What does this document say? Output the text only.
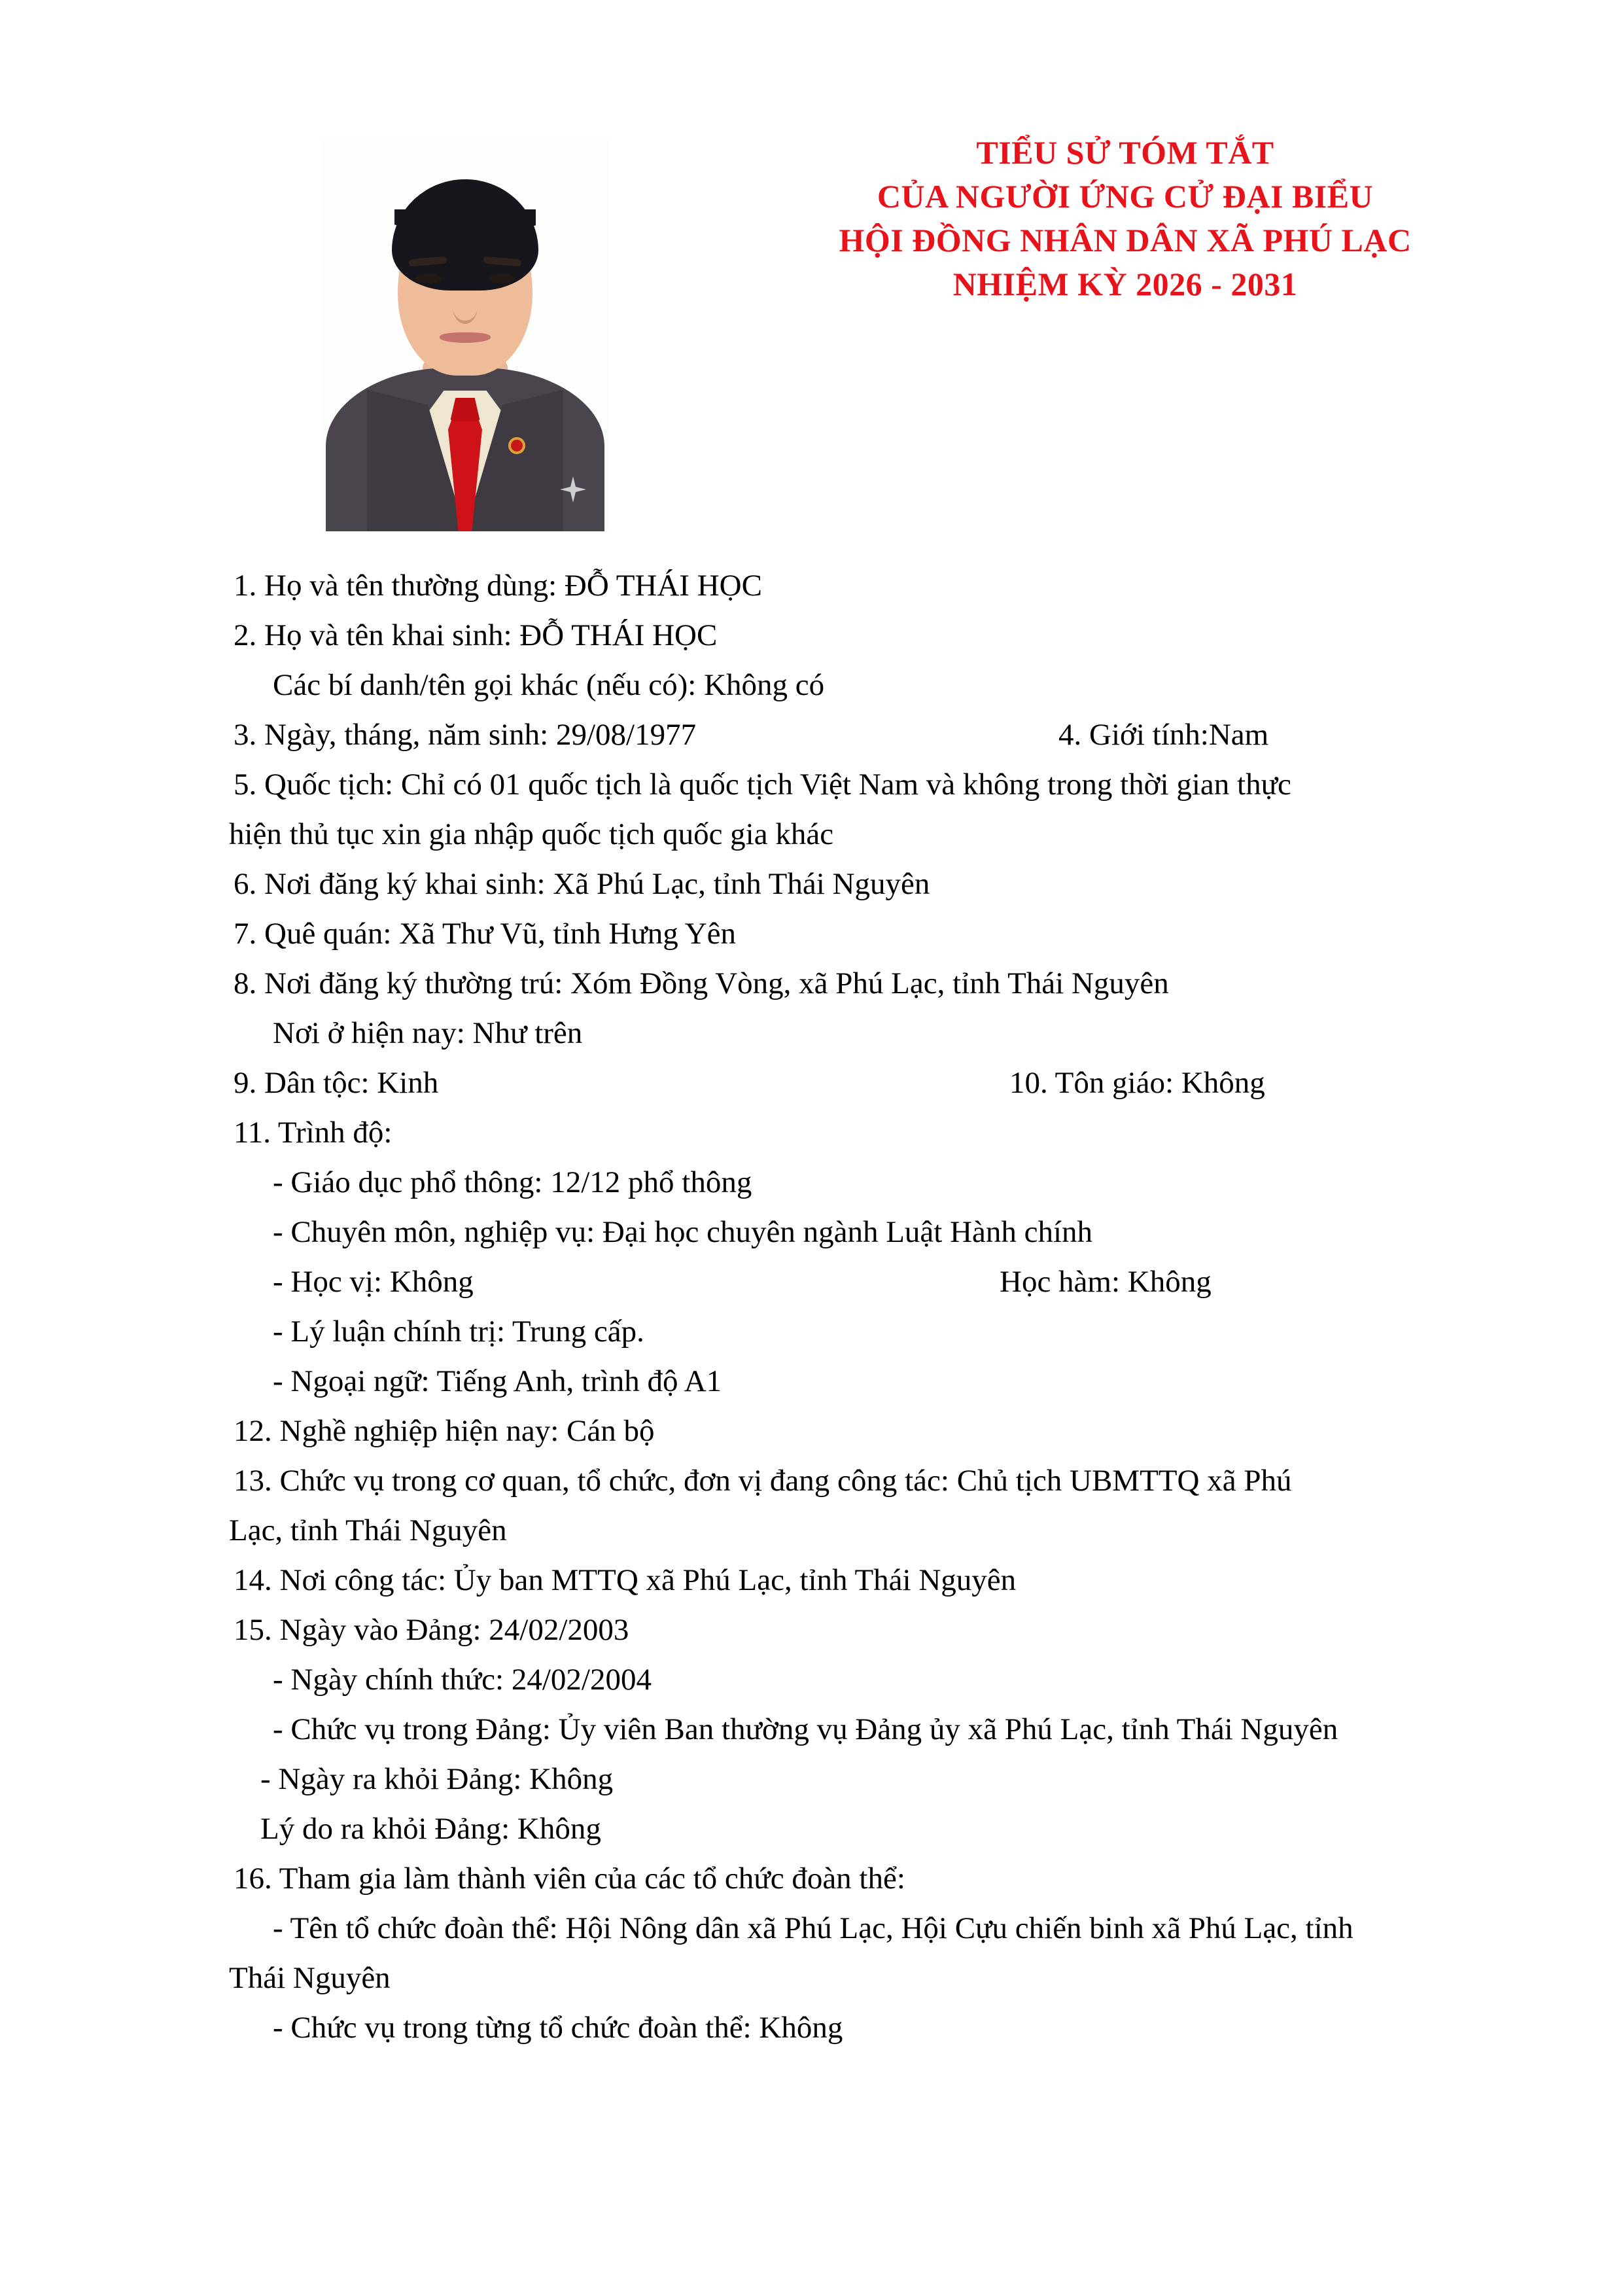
TIỂU SỬ TÓM TẮT
CỦA NGƯỜI ỨNG CỬ ĐẠI BIỂU
HỘI ĐỒNG NHÂN DÂN XÃ PHÚ LẠC
NHIỆM KỲ 2026 - 2031
1. Họ và tên thường dùng: ĐỖ THÁI HỌC
2. Họ và tên khai sinh: ĐỖ THÁI HỌC
Các bí danh/tên gọi khác (nếu có): Không có
3. Ngày, tháng, năm sinh: 29/08/1977	4. Giới tính:Nam
5. Quốc tịch: Chỉ có 01 quốc tịch là quốc tịch Việt Nam và không trong thời gian thực
hiện thủ tục xin gia nhập quốc tịch quốc gia khác
6. Nơi đăng ký khai sinh: Xã Phú Lạc, tỉnh Thái Nguyên
7. Quê quán: Xã Thư Vũ, tỉnh Hưng Yên
8. Nơi đăng ký thường trú: Xóm Đồng Vòng, xã Phú Lạc, tỉnh Thái Nguyên
Nơi ở hiện nay: Như trên
9. Dân tộc: Kinh	10. Tôn giáo: Không
11. Trình độ:
- Giáo dục phổ thông: 12/12 phổ thông
- Chuyên môn, nghiệp vụ: Đại học chuyên ngành Luật Hành chính
- Học vị: Không	Học hàm: Không
- Lý luận chính trị: Trung cấp.
- Ngoại ngữ: Tiếng Anh, trình độ A1
12. Nghề nghiệp hiện nay: Cán bộ
13. Chức vụ trong cơ quan, tổ chức, đơn vị đang công tác: Chủ tịch UBMTTQ xã Phú
Lạc, tỉnh Thái Nguyên
14. Nơi công tác: Ủy ban MTTQ xã Phú Lạc, tỉnh Thái Nguyên
15. Ngày vào Đảng: 24/02/2003
- Ngày chính thức: 24/02/2004
- Chức vụ trong Đảng: Ủy viên Ban thường vụ Đảng ủy xã Phú Lạc, tỉnh Thái Nguyên
- Ngày ra khỏi Đảng: Không
Lý do ra khỏi Đảng: Không
16. Tham gia làm thành viên của các tổ chức đoàn thể:
- Tên tổ chức đoàn thể: Hội Nông dân xã Phú Lạc, Hội Cựu chiến binh xã Phú Lạc, tỉnh
Thái Nguyên
- Chức vụ trong từng tổ chức đoàn thể: Không
